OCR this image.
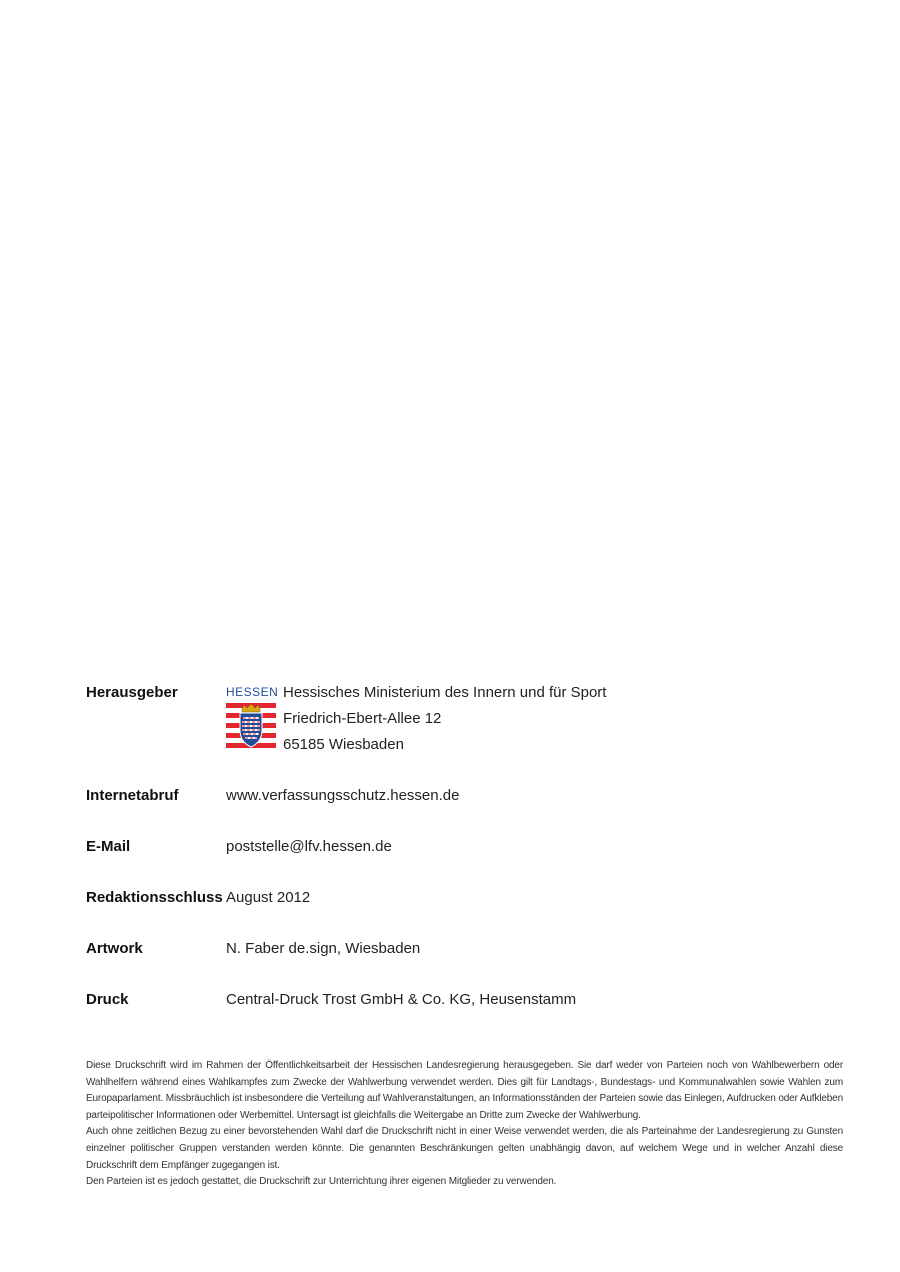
Herausgeber	HESSEN Hessisches Ministerium des Innern und für Sport
Friedrich-Ebert-Allee 12
65185 Wiesbaden
Internetabruf	www.verfassungsschutz.hessen.de
E-Mail	poststelle@lfv.hessen.de
Redaktionsschluss August 2012
Artwork	N. Faber de.sign, Wiesbaden
Druck	Central-Druck Trost GmbH & Co. KG, Heusenstamm

Diese Druckschrift wird im Rahmen der Öffentlichkeitsarbeit der Hessischen Landesregierung herausgegeben. Sie darf weder von Parteien noch von Wahlbewerbern oder Wahlhelfern während eines Wahlkampfes zum Zwecke der Wahlwerbung verwendet werden. Dies gilt für Landtags-, Bundestags- und Kommunalwahlen sowie Wahlen zum Europaparlament. Missbräuchlich ist insbesondere die Verteilung auf Wahlveranstaltungen, an Informationsständen der Parteien sowie das Einlegen, Aufdrucken oder Aufkleben parteipolitischer Informationen oder Werbemittel. Untersagt ist gleichfalls die Weitergabe an Dritte zum Zwecke der Wahlwerbung.

Auch ohne zeitlichen Bezug zu einer bevorstehenden Wahl darf die Druckschrift nicht in einer Weise verwendet werden, die als Parteinahme der Landesregierung zu Gunsten einzelner politischer Gruppen verstanden werden könnte. Die genannten Beschränkungen gelten unabhängig davon, auf welchem Wege und in welcher Anzahl diese Druckschrift dem Empfänger zugegangen ist.

Den Parteien ist es jedoch gestattet, die Druckschrift zur Unterrichtung ihrer eigenen Mitglieder zu verwenden.
